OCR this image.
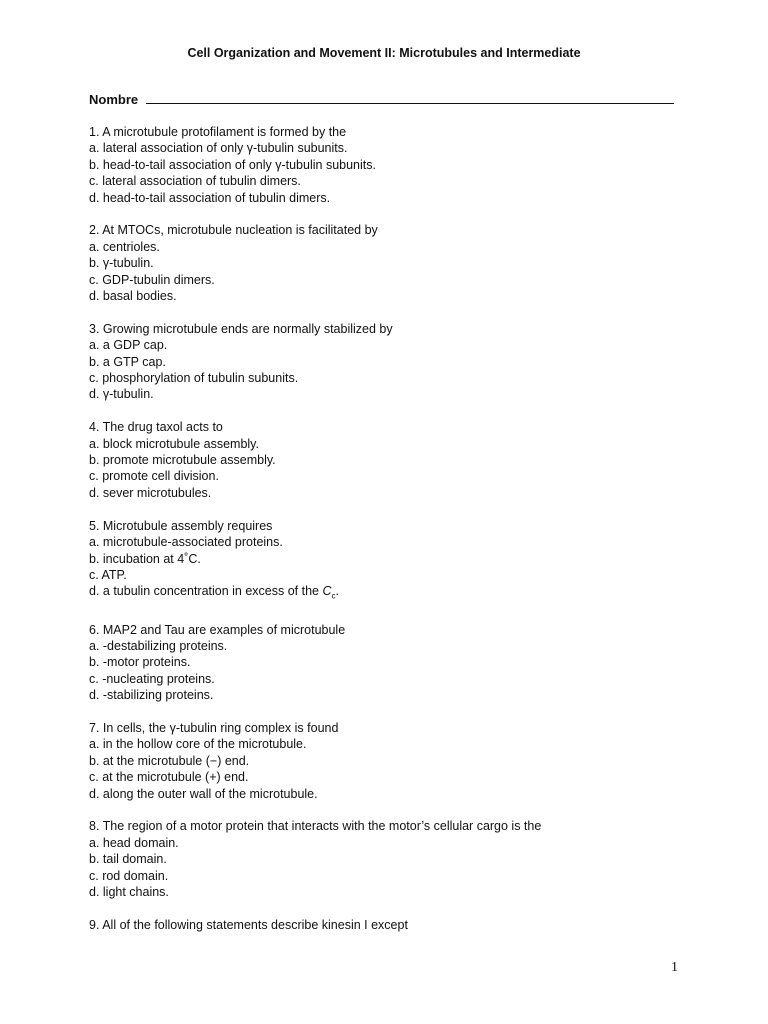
Cell Organization and Movement II: Microtubules and Intermediate
Nombre
1. A microtubule protofilament is formed by the
a. lateral association of only γ-tubulin subunits.
b. head-to-tail association of only γ-tubulin subunits.
c. lateral association of tubulin dimers.
d. head-to-tail association of tubulin dimers.
2. At MTOCs, microtubule nucleation is facilitated by
a. centrioles.
b. γ-tubulin.
c. GDP-tubulin dimers.
d. basal bodies.
3. Growing microtubule ends are normally stabilized by
a. a GDP cap.
b. a GTP cap.
c. phosphorylation of tubulin subunits.
d. γ-tubulin.
4. The drug taxol acts to
a. block microtubule assembly.
b. promote microtubule assembly.
c. promote cell division.
d. sever microtubules.
5. Microtubule assembly requires
a. microtubule-associated proteins.
b. incubation at 4˚C.
c. ATP.
d. a tubulin concentration in excess of the $C_c$.
6. MAP2 and Tau are examples of microtubule
a. -destabilizing proteins.
b. -motor proteins.
c. -nucleating proteins.
d. -stabilizing proteins.
7. In cells, the γ-tubulin ring complex is found
a. in the hollow core of the microtubule.
b. at the microtubule (−) end.
c. at the microtubule (+) end.
d. along the outer wall of the microtubule.
8. The region of a motor protein that interacts with the motor’s cellular cargo is the
a. head domain.
b. tail domain.
c. rod domain.
d. light chains.
9. All of the following statements describe kinesin I except
1
